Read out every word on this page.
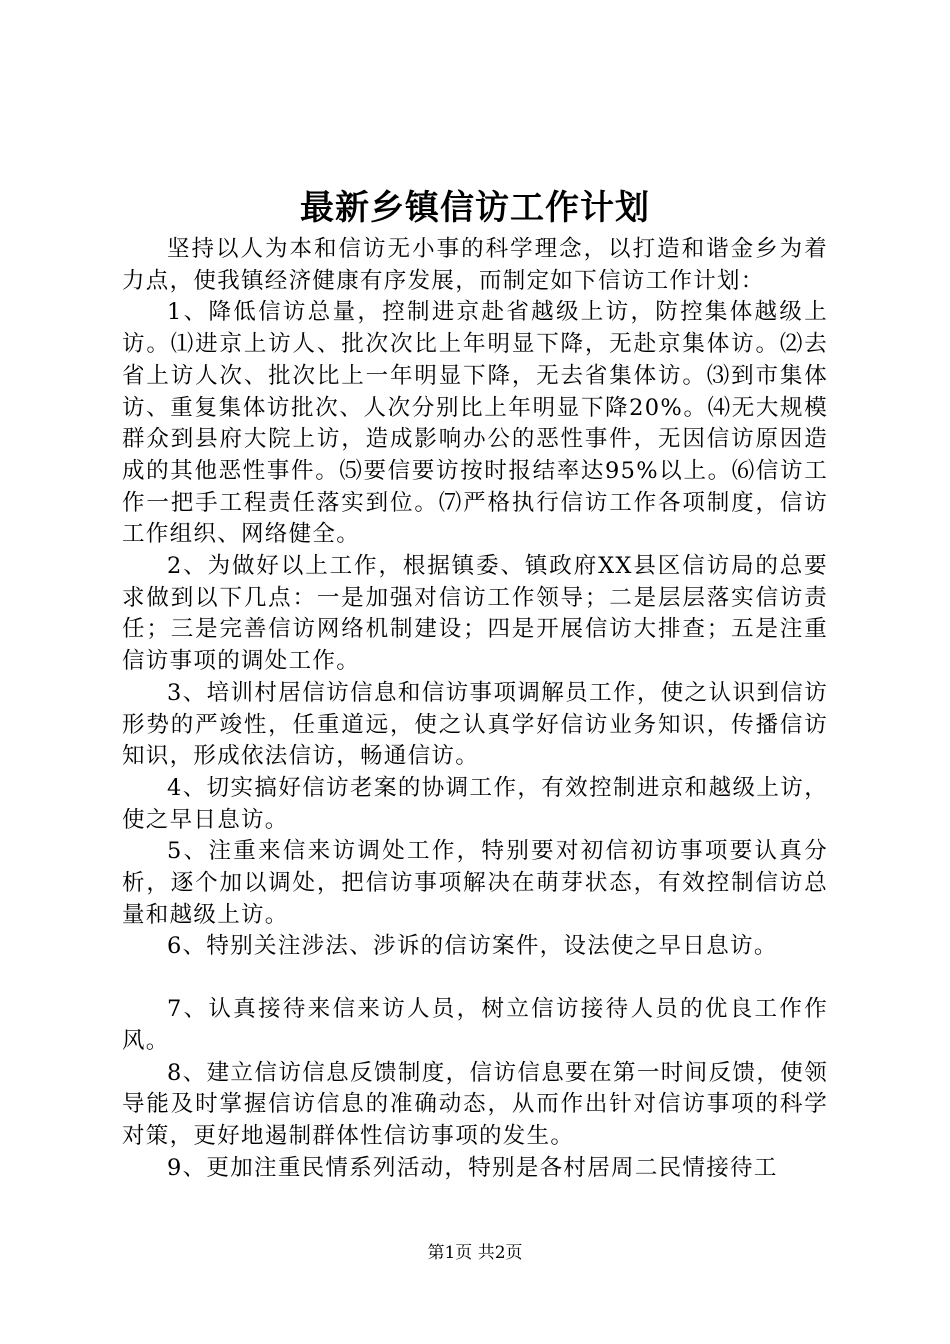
最新乡镇信访工作计划

坚持以人为本和信访无小事的科学理念，以打造和谐金乡为着力点，使我镇经济健康有序发展，而制定如下信访工作计划：

1、降低信访总量，控制进京赴省越级上访，防控集体越级上访。⑴进京上访人、批次次比上年明显下降，无赴京集体访。⑵去省上访人次、批次比上一年明显下降，无去省集体访。⑶到市集体访、重复集体访批次、人次分别比上年明显下降20%。⑷无大规模群众到县府大院上访，造成影响办公的恶性事件，无因信访原因造成的其他恶性事件。⑸要信要访按时报结率达95%以上。⑹信访工作一把手工程责任落实到位。⑺严格执行信访工作各项制度，信访工作组织、网络健全。

2、为做好以上工作，根据镇委、镇政府XX县区信访局的总要求做到以下几点：一是加强对信访工作领导；二是层层落实信访责任；三是完善信访网络机制建设；四是开展信访大排查；五是注重信访事项的调处工作。

3、培训村居信访信息和信访事项调解员工作，使之认识到信访形势的严竣性，任重道远，使之认真学好信访业务知识，传播信访知识，形成依法信访，畅通信访。

4、切实搞好信访老案的协调工作，有效控制进京和越级上访，使之早日息访。

5、注重来信来访调处工作，特别要对初信初访事项要认真分析，逐个加以调处，把信访事项解决在萌芽状态，有效控制信访总量和越级上访。

6、特别关注涉法、涉诉的信访案件，设法使之早日息访。

7、认真接待来信来访人员，树立信访接待人员的优良工作作风。

8、建立信访信息反馈制度，信访信息要在第一时间反馈，使领导能及时掌握信访信息的准确动态，从而作出针对信访事项的科学对策，更好地遏制群体性信访事项的发生。

9、更加注重民情系列活动，特别是各村居周二民情接待工

第1页 共2页
